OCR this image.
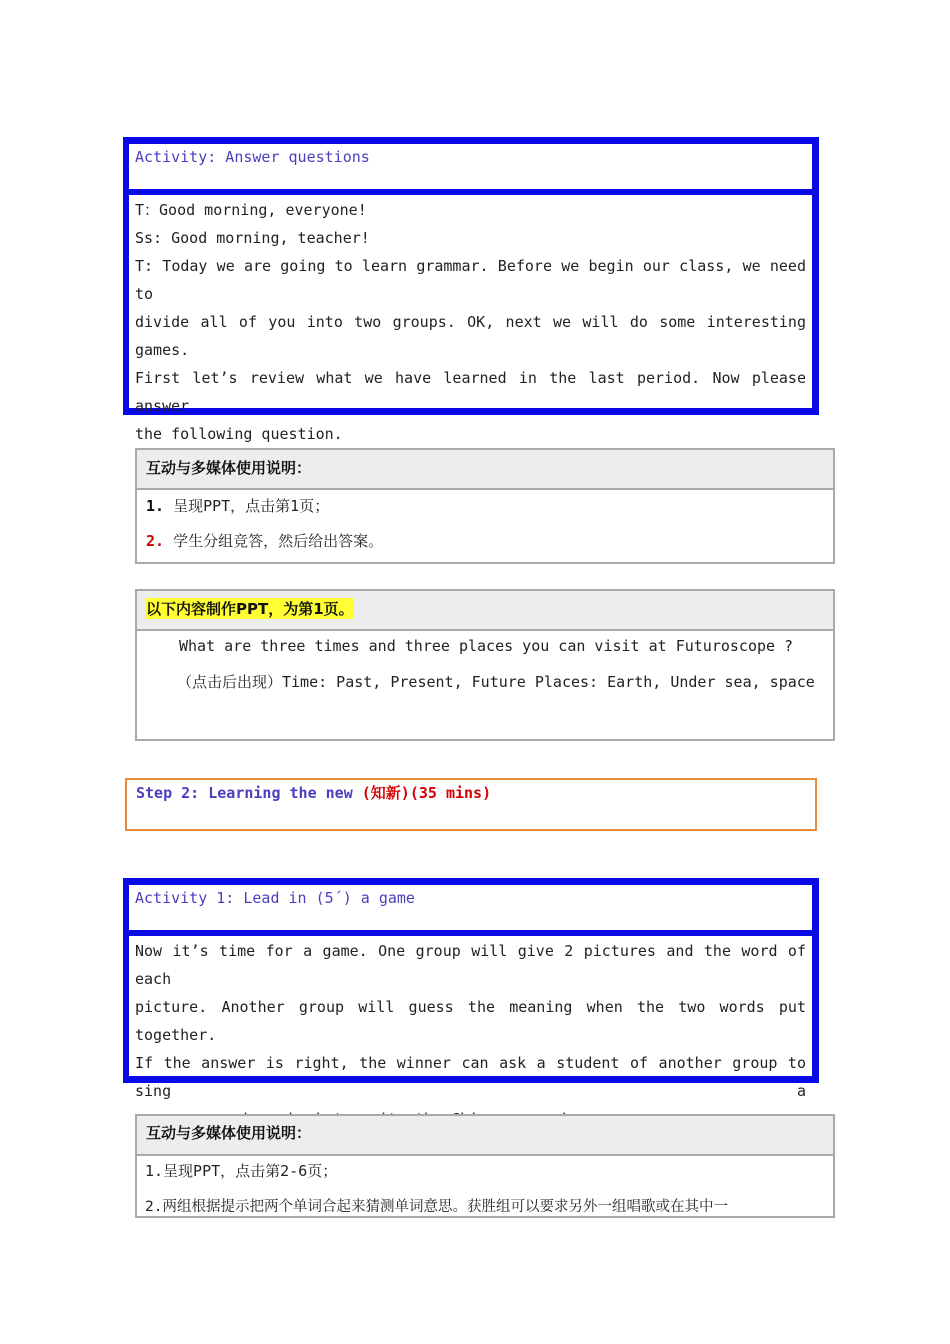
Activity: Answer questions
T：Good morning, everyone!
Ss: Good morning, teacher!
T: Today we are going to learn grammar. Before we begin our class, we need to
divide all of you into two groups. OK, next we will do some interesting games.
First let’s review what we have learned in the last period. Now please answer
the following question.
互动与多媒体使用说明：
1. 呈现PPT，点击第1页；
2. 学生分组竞答，然后给出答案。
以下内容制作PPT，为第1页。
What are three times and three places you can visit at Futuroscope ?
（点击后出现）Time: Past, Present, Future Places: Earth, Under sea, space
Step 2: Learning the new (知新)(35 mins)
Activity 1: Lead in (5´) a game
Now it’s time for a game. One group will give 2 pictures and the word of each
picture. Another group will guess the meaning when the two words put together.
If the answer is right, the winner can ask a student of another group to sing a
互动与多媒体使用说明：
1.呈现PPT，点击第2-6页；
2.两组根据提示把两个单词合起来猜测单词意思。获胜组可以要求另外一组唱歌或在其中一
